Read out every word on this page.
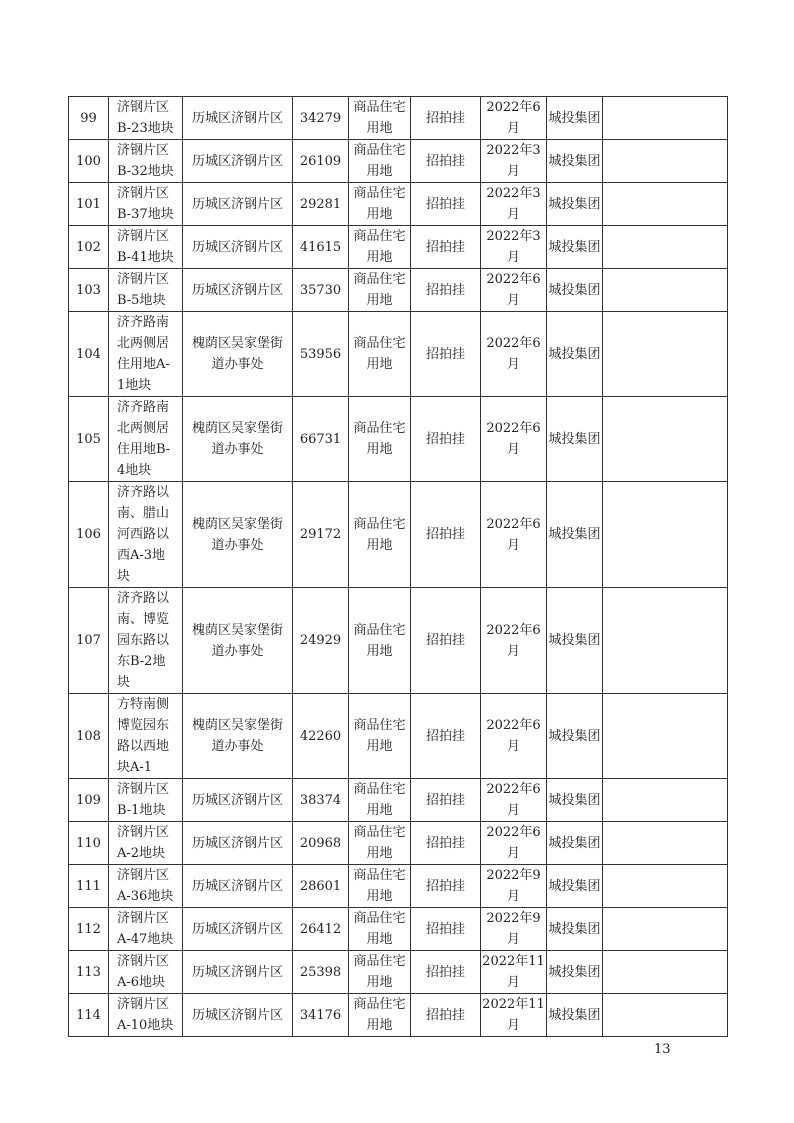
99	济钢片区B-23地块	历城区济钢片区	34279	商品住宅用地	招拍挂	2022年6月	城投集团	
100	济钢片区B-32地块	历城区济钢片区	26109	商品住宅用地	招拍挂	2022年3月	城投集团	
101	济钢片区B-37地块	历城区济钢片区	29281	商品住宅用地	招拍挂	2022年3月	城投集团	
102	济钢片区B-41地块	历城区济钢片区	41615	商品住宅用地	招拍挂	2022年3月	城投集团	
103	济钢片区B-5地块	历城区济钢片区	35730	商品住宅用地	招拍挂	2022年6月	城投集团	
104	济齐路南北两侧居住用地A-1地块	槐荫区吴家堡街道办事处	53956	商品住宅用地	招拍挂	2022年6月	城投集团	
105	济齐路南北两侧居住用地B-4地块	槐荫区吴家堡街道办事处	66731	商品住宅用地	招拍挂	2022年6月	城投集团	
106	济齐路以南、腊山河西路以西A-3地块	槐荫区吴家堡街道办事处	29172	商品住宅用地	招拍挂	2022年6月	城投集团	
107	济齐路以南、博览园东路以东B-2地块	槐荫区吴家堡街道办事处	24929	商品住宅用地	招拍挂	2022年6月	城投集团	
108	方特南侧博览园东路以西地块A-1	槐荫区吴家堡街道办事处	42260	商品住宅用地	招拍挂	2022年6月	城投集团	
109	济钢片区B-1地块	历城区济钢片区	38374	商品住宅用地	招拍挂	2022年6月	城投集团	
110	济钢片区A-2地块	历城区济钢片区	20968	商品住宅用地	招拍挂	2022年6月	城投集团	
111	济钢片区A-36地块	历城区济钢片区	28601	商品住宅用地	招拍挂	2022年9月	城投集团	
112	济钢片区A-47地块	历城区济钢片区	26412	商品住宅用地	招拍挂	2022年9月	城投集团	
113	济钢片区A-6地块	历城区济钢片区	25398	商品住宅用地	招拍挂	2022年11月	城投集团	
114	济钢片区A-10地块	历城区济钢片区	34176	商品住宅用地	招拍挂	2022年11月	城投集团	
13
